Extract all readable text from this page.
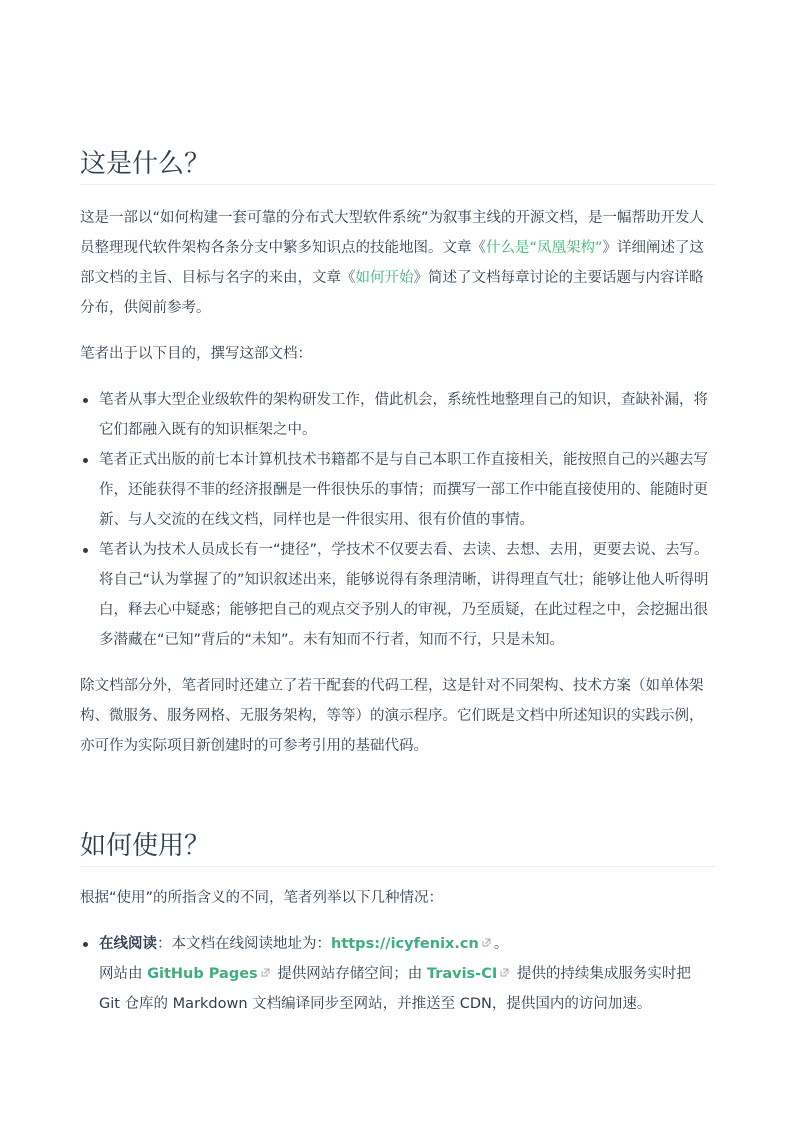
这是什么？

这是一部以“如何构建一套可靠的分布式大型软件系统”为叙事主线的开源文档，是一幅帮助开发人员整理现代软件架构各条分支中繁多知识点的技能地图。文章《什么是“凤凰架构”》详细阐述了这部文档的主旨、目标与名字的来由，文章《如何开始》简述了文档每章讨论的主要话题与内容详略分布，供阅前参考。

笔者出于以下目的，撰写这部文档：

笔者从事大型企业级软件的架构研发工作，借此机会，系统性地整理自己的知识，查缺补漏，将它们都融入既有的知识框架之中。
笔者正式出版的前七本计算机技术书籍都不是与自己本职工作直接相关，能按照自己的兴趣去写作，还能获得不菲的经济报酬是一件很快乐的事情；而撰写一部工作中能直接使用的、能随时更新、与人交流的在线文档，同样也是一件很实用、很有价值的事情。
笔者认为技术人员成长有一“捷径”，学技术不仅要去看、去读、去想、去用，更要去说、去写。将自己“认为掌握了的”知识叙述出来，能够说得有条理清晰，讲得理直气壮；能够让他人听得明白，释去心中疑惑；能够把自己的观点交予别人的审视，乃至质疑，在此过程之中，会挖掘出很多潜藏在“已知”背后的“未知”。未有知而不行者，知而不行，只是未知。

除文档部分外，笔者同时还建立了若干配套的代码工程，这是针对不同架构、技术方案（如单体架构、微服务、服务网格、无服务架构，等等）的演示程序。它们既是文档中所述知识的实践示例，亦可作为实际项目新创建时的可参考引用的基础代码。

如何使用？

根据“使用”的所指含义的不同，笔者列举以下几种情况：

在线阅读：本文档在线阅读地址为：https://icyfenix.cn 。
网站由 GitHub Pages 提供网站存储空间；由 Travis-CI 提供的持续集成服务实时把 Git 仓库的 Markdown 文档编译同步至网站，并推送至 CDN，提供国内的访问加速。
